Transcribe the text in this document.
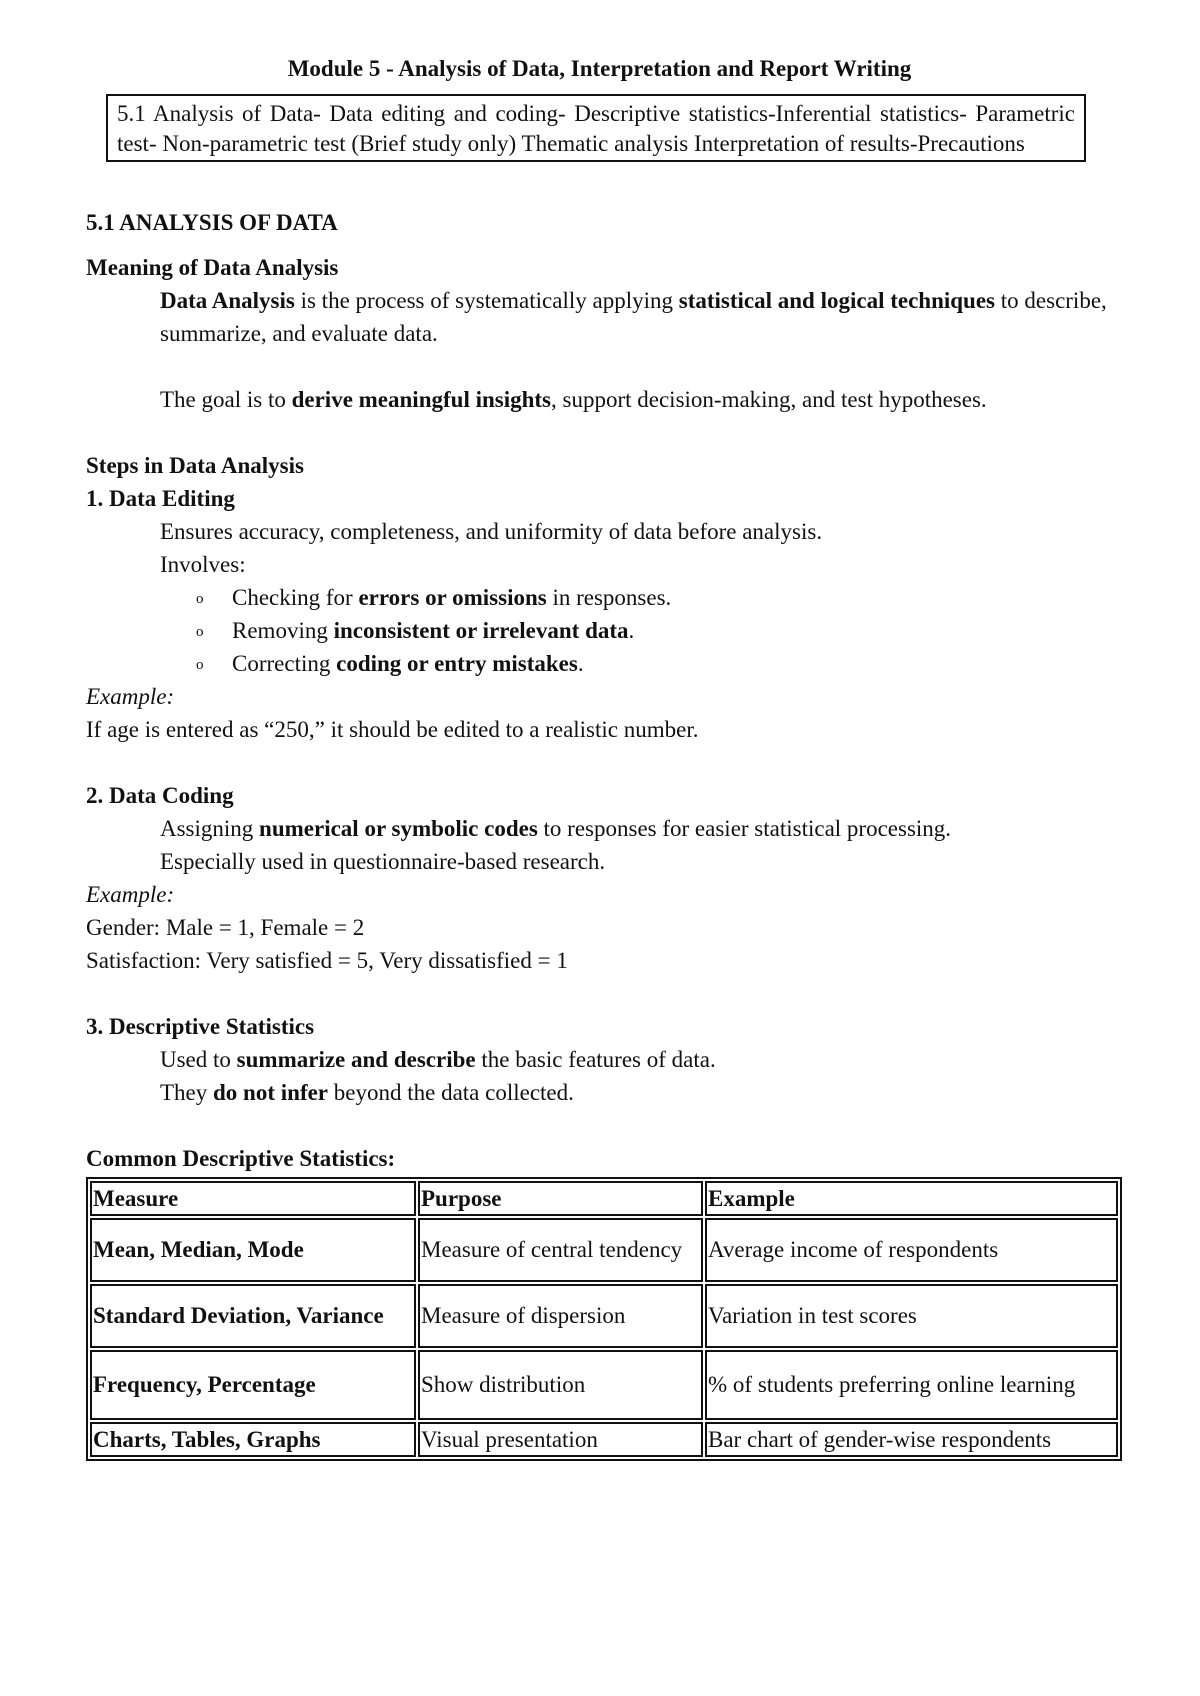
Module 5 - Analysis of Data, Interpretation and Report Writing
5.1 Analysis of Data- Data editing and coding- Descriptive statistics-Inferential statistics- Parametric test- Non-parametric test (Brief study only) Thematic analysis Interpretation of results-Precautions
5.1 ANALYSIS OF DATA
Meaning of Data Analysis

Data Analysis is the process of systematically applying statistical and logical techniques to describe, summarize, and evaluate data.

The goal is to derive meaningful insights, support decision-making, and test hypotheses.

Steps in Data Analysis
1. Data Editing

Ensures accuracy, completeness, and uniformity of data before analysis.

Involves:

o Checking for errors or omissions in responses.
o Removing inconsistent or irrelevant data.
o Correcting coding or entry mistakes.

Example:

If age is entered as “250,” it should be edited to a realistic number.

2. Data Coding

Assigning numerical or symbolic codes to responses for easier statistical processing.

Especially used in questionnaire-based research.

Example:

Gender: Male = 1, Female = 2

Satisfaction: Very satisfied = 5, Very dissatisfied = 1

3. Descriptive Statistics

Used to summarize and describe the basic features of data.

They do not infer beyond the data collected.

Common Descriptive Statistics:
Measure	Purpose	Example
Mean, Median, Mode	Measure of central tendency	Average income of respondents
Standard Deviation, Variance	Measure of dispersion	Variation in test scores
Frequency, Percentage	Show distribution	% of students preferring online learning
Charts, Tables, Graphs	Visual presentation	Bar chart of gender-wise respondents
